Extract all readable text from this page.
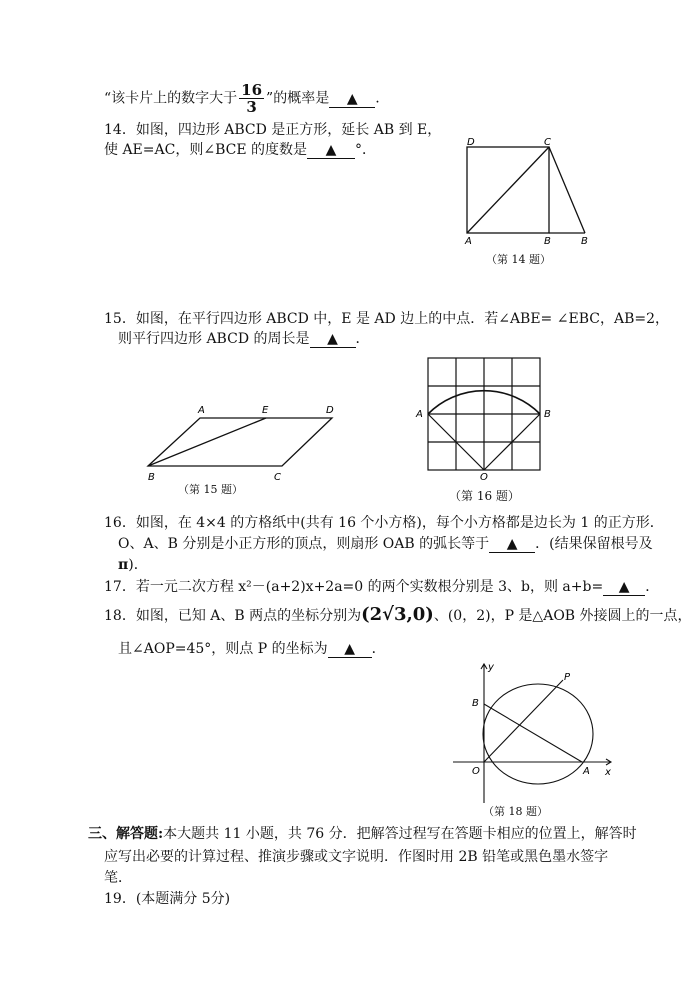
“该卡片上的数字大于 $\frac{16}{3}$ ”的概率是 ▲ .
14．如图，四边形 ABCD 是正方形，延长 AB 到 E，
使 AE=AC，则∠BCE 的度数是 ▲ °．	D	C
A	B	B
（第 14 题）
15．如图，在平行四边形 ABCD 中，E 是 AD 边上的中点．若∠ABE= ∠EBC，AB=2，
则平行四边形 ABCD 的周长是 ▲ ．
A	E	D
B	C
（第 15 题）
A	B
O
（第 16 题）
16．如图，在 4×4 的方格纸中(共有 16 个小方格)，每个小方格都是边长为 1 的正方形．
O、A、B 分别是小正方形的顶点，则扇形 OAB 的弧长等于 ▲ ．(结果保留根号及
π)．
17．若一元二次方程 x²－(a+2)x+2a=0 的两个实数根分别是 3、b，则 a+b= ▲ ．
18．如图，已知 A、B 两点的坐标分别为(2√3,0)、(0，2)，P 是△AOB 外接圆上的一点，
且∠AOP=45°，则点 P 的坐标为 ▲ ．
y
x
P
B
O	A
（第 18 题）
三、解答题:本大题共 11 小题，共 76 分．把解答过程写在答题卡相应的位置上，解答时
应写出必要的计算过程、推演步骤或文字说明．作图时用 2B 铅笔或黑色墨水签字
笔．
19．(本题满分 5分)
